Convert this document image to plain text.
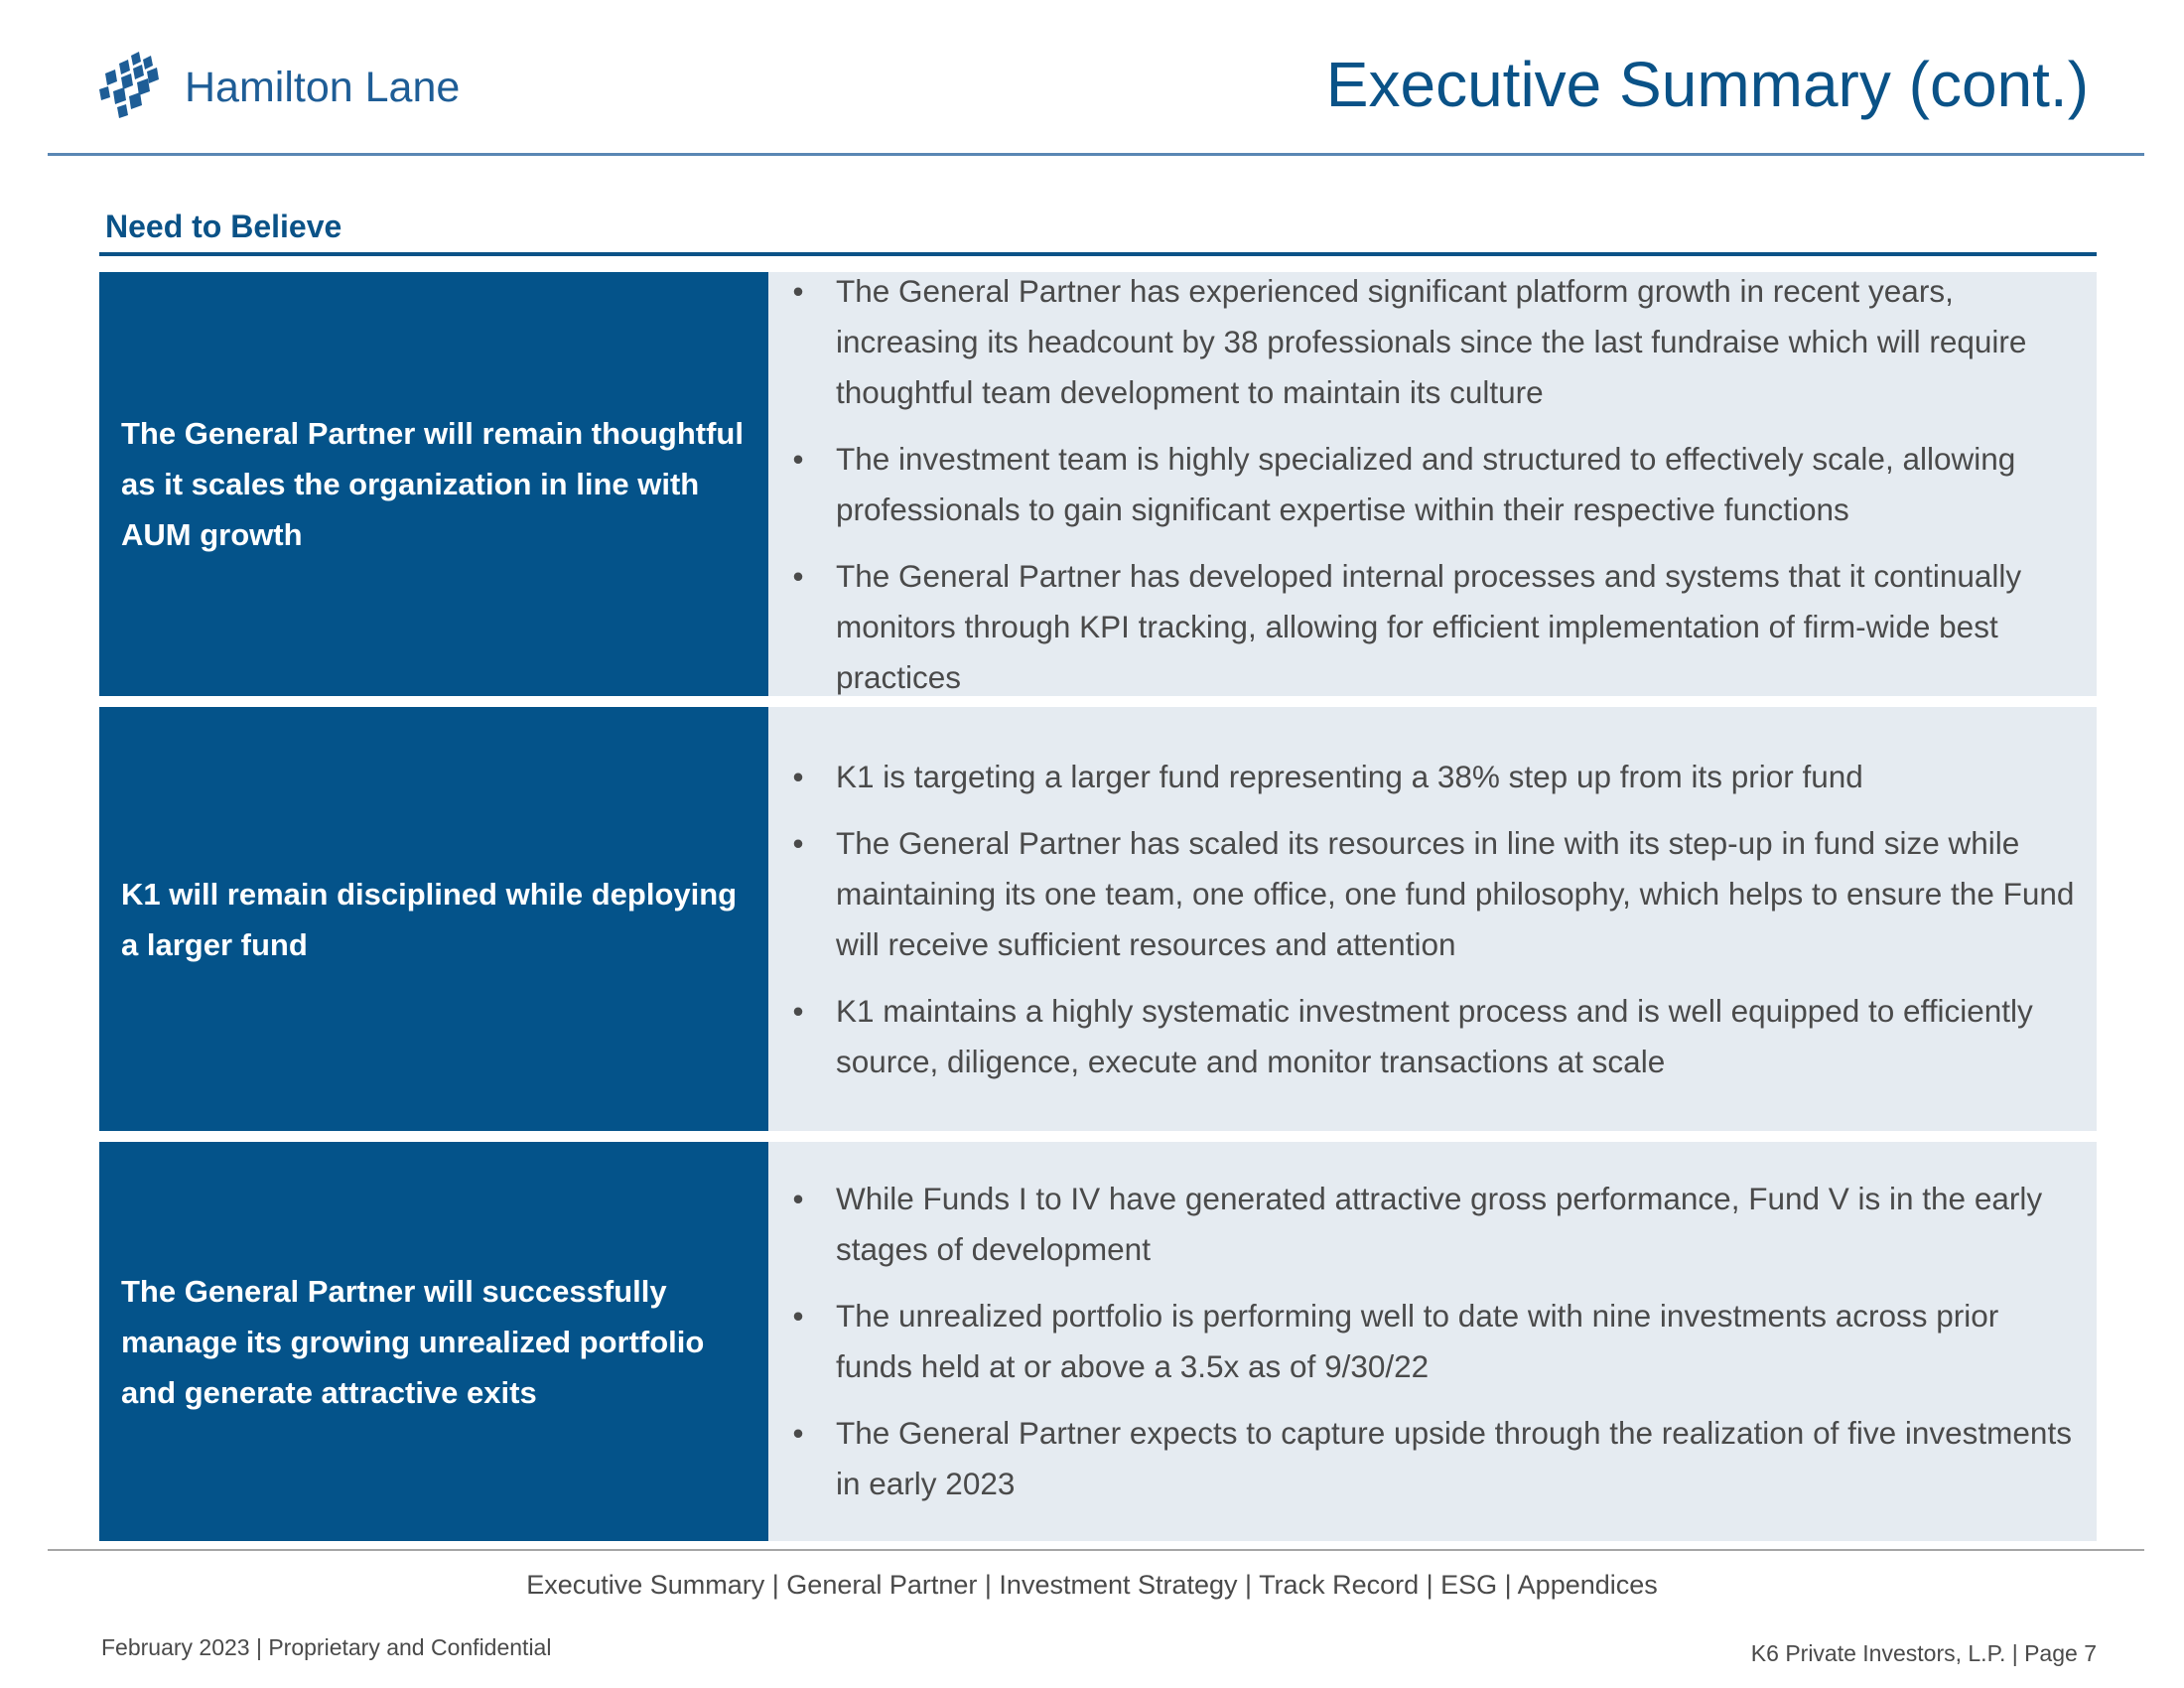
Hamilton Lane	Executive Summary (cont.)
Need to Believe
The General Partner will remain thoughtful as it scales the organization in line with AUM growth
• The General Partner has experienced significant platform growth in recent years, increasing its headcount by 38 professionals since the last fundraise which will require thoughtful team development to maintain its culture
• The investment team is highly specialized and structured to effectively scale, allowing professionals to gain significant expertise within their respective functions
• The General Partner has developed internal processes and systems that it continually monitors through KPI tracking, allowing for efficient implementation of firm-wide best practices
K1 will remain disciplined while deploying a larger fund
• K1 is targeting a larger fund representing a 38% step up from its prior fund
• The General Partner has scaled its resources in line with its step-up in fund size while maintaining its one team, one office, one fund philosophy, which helps to ensure the Fund will receive sufficient resources and attention
• K1 maintains a highly systematic investment process and is well equipped to efficiently source, diligence, execute and monitor transactions at scale
The General Partner will successfully manage its growing unrealized portfolio and generate attractive exits
• While Funds I to IV have generated attractive gross performance, Fund V is in the early stages of development
• The unrealized portfolio is performing well to date with nine investments across prior funds held at or above a 3.5x as of 9/30/22
• The General Partner expects to capture upside through the realization of five investments in early 2023
Executive Summary | General Partner | Investment Strategy | Track Record | ESG | Appendices
February 2023 | Proprietary and Confidential	K6 Private Investors, L.P. | Page 7
